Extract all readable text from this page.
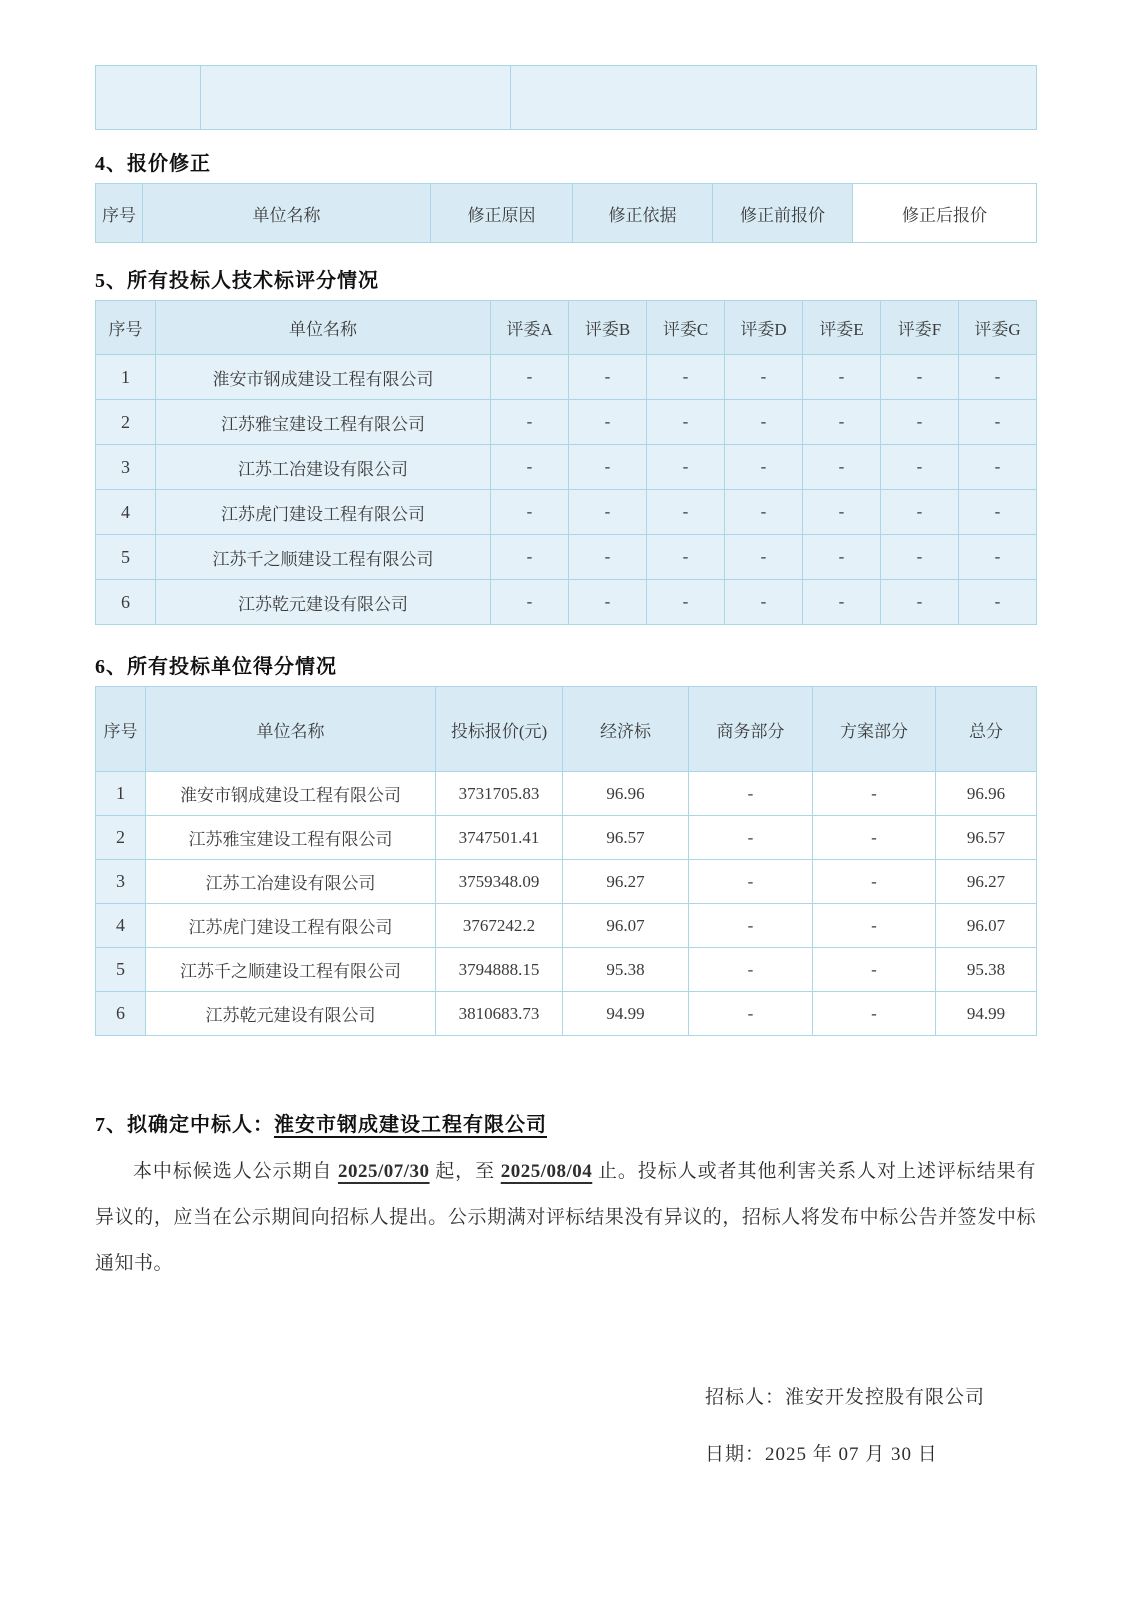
4、报价修正
序号	单位名称	修正原因	修正依据	修正前报价	修正后报价
5、所有投标人技术标评分情况
序号	单位名称	评委A	评委B	评委C	评委D	评委E	评委F	评委G
1	淮安市钢成建设工程有限公司	-	-	-	-	-	-	-
2	江苏雅宝建设工程有限公司	-	-	-	-	-	-	-
3	江苏工冶建设有限公司	-	-	-	-	-	-	-
4	江苏虎门建设工程有限公司	-	-	-	-	-	-	-
5	江苏千之顺建设工程有限公司	-	-	-	-	-	-	-
6	江苏乾元建设有限公司	-	-	-	-	-	-	-
6、所有投标单位得分情况
序号	单位名称	投标报价(元)	经济标	商务部分	方案部分	总分
1	淮安市钢成建设工程有限公司	3731705.83	96.96	-	-	96.96
2	江苏雅宝建设工程有限公司	3747501.41	96.57	-	-	96.57
3	江苏工冶建设有限公司	3759348.09	96.27	-	-	96.27
4	江苏虎门建设工程有限公司	3767242.2	96.07	-	-	96.07
5	江苏千之顺建设工程有限公司	3794888.15	95.38	-	-	95.38
6	江苏乾元建设有限公司	3810683.73	94.99	-	-	94.99
7、拟确定中标人：淮安市钢成建设工程有限公司

本中标候选人公示期自 2025/07/30 起，至 2025/08/04 止。投标人或者其他利害关系人对上述评标结果有异议的，应当在公示期间向招标人提出。公示期满对评标结果没有异议的，招标人将发布中标公告并签发中标通知书。

招标人：淮安开发控股有限公司
日期：2025 年 07 月 30 日
